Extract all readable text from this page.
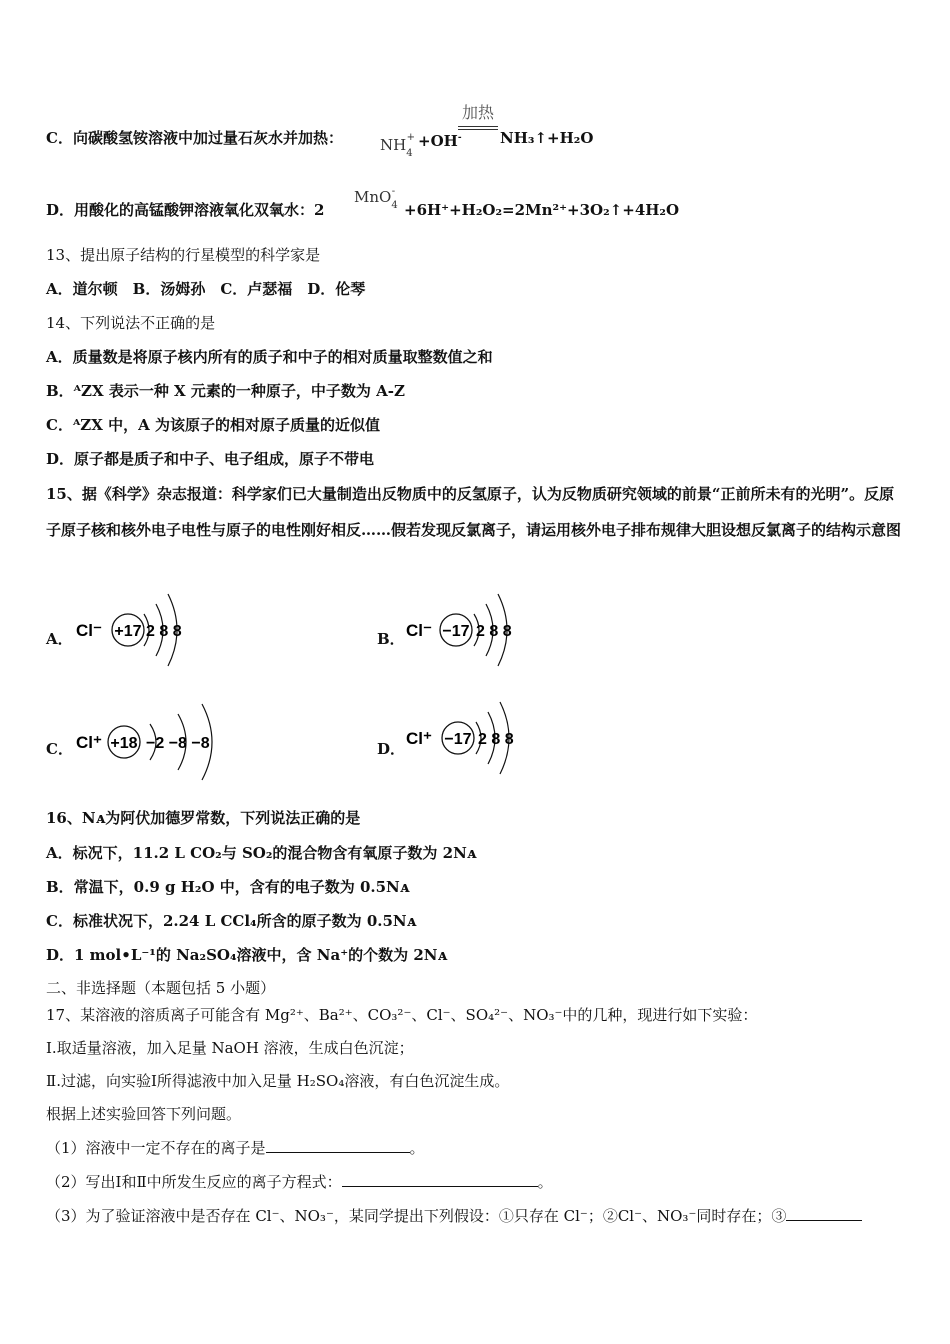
C．向碳酸氢铵溶液中加过量石灰水并加热：
加热
$NH_4^+ +OH^-$	NH₃↑+H₂O
D．用酸化的高锰酸钾溶液氧化双氧水：2
MnO$_4$-
+6H⁺+H₂O₂=2Mn²⁺+3O₂↑+4H₂O
13、提出原子结构的行星模型的科学家是
A．道尔顿　B．汤姆孙　C．卢瑟福　D．伦琴
14、下列说法不正确的是
A．质量数是将原子核内所有的质子和中子的相对质量取整数值之和
B．ᴬZX 表示一种 X 元素的一种原子，中子数为 A-Z
C．ᴬZX 中，A 为该原子的相对原子质量的近似值
D．原子都是质子和中子、电子组成，原子不带电
15、据《科学》杂志报道：科学家们已大量制造出反物质中的反氢原子，认为反物质研究领域的前景“正前所未有的光明”。反原子原子核和核外电子电性与原子的电性刚好相反……假若发现反氯离子，请运用核外电子排布规律大胆设想反氯离子的结构示意图
A． Cl⁻ +17 2 8 8	B． Cl⁻ −17 2 8 8
C． Cl⁺ +18 −2 −8 −8	D．
Cl⁺ −17 2 8 8
16、Nᴀ为阿伏加德罗常数，下列说法正确的是
A．标况下，11.2 L CO₂与 SO₂的混合物含有氧原子数为 2Nᴀ
B．常温下，0.9 g H₂O 中，含有的电子数为 0.5Nᴀ
C．标准状况下，2.24 L CCl₄所含的原子数为 0.5Nᴀ
D．1 mol•L⁻¹的 Na₂SO₄溶液中，含 Na⁺的个数为 2Nᴀ
二、非选择题（本题包括 5 小题）
17、某溶液的溶质离子可能含有 Mg²⁺、Ba²⁺、CO₃²⁻、Cl⁻、SO₄²⁻、NO₃⁻中的几种，现进行如下实验：
Ⅰ.取适量溶液，加入足量 NaOH 溶液，生成白色沉淀；
Ⅱ.过滤，向实验Ⅰ所得滤液中加入足量 H₂SO₄溶液，有白色沉淀生成。
根据上述实验回答下列问题。
（1）溶液中一定不存在的离子是	。
（2）写出Ⅰ和Ⅱ中所发生反应的离子方程式：	。
（3）为了验证溶液中是否存在 Cl⁻、NO₃⁻，某同学提出下列假设：①只存在 Cl⁻；②Cl⁻、NO₃⁻同时存在；③
